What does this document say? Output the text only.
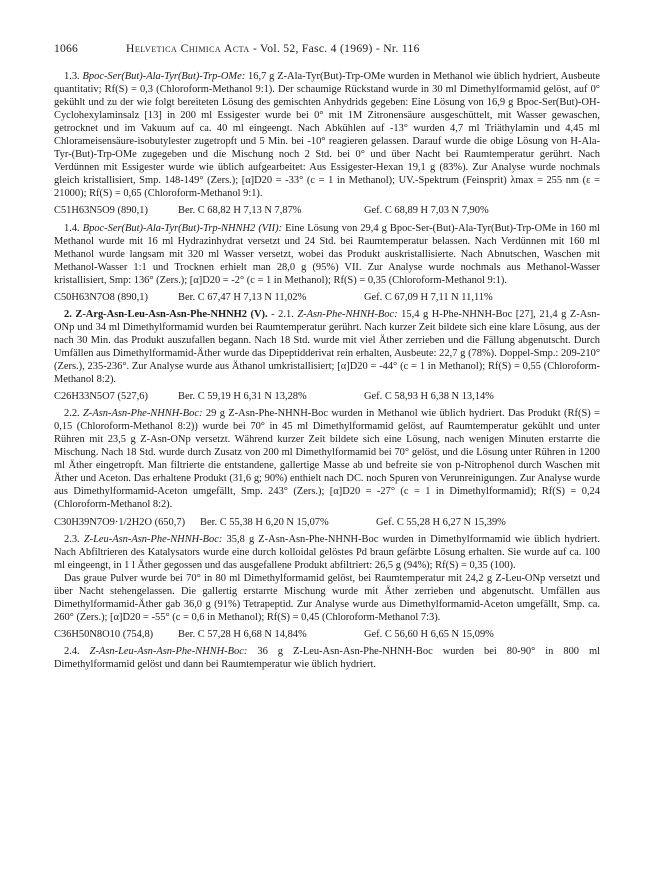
1066	Helvetica Chimica Acta - Vol. 52, Fasc. 4 (1969) - Nr. 116

1.3. Bpoc-Ser(But)-Ala-Tyr(But)-Trp-OMe: 16,7 g Z-Ala-Tyr(But)-Trp-OMe wurden in Methanol wie üblich hydriert, Ausbeute quantitativ; Rf(S) = 0,3 (Chloroform-Methanol 9:1). Der schaumige Rückstand wurde in 30 ml Dimethylformamid gelöst, auf 0° gekühlt und zu der wie folgt bereiteten Lösung des gemischten Anhydrids gegeben: Eine Lösung von 16,9 g Bpoc-Ser(But)-OH-Cyclohexylaminsalz [13] in 200 ml Essigester wurde bei 0° mit 1M Zitronensäure ausgeschüttelt, mit Wasser gewaschen, getrocknet und im Vakuum auf ca. 40 ml eingeengt. Nach Abkühlen auf -13° wurden 4,7 ml Triäthylamin und 4,45 ml Chlorameisensäure-isobutylester zugetropft und 5 Min. bei -10° reagieren gelassen. Darauf wurde die obige Lösung von H-Ala-Tyr-(But)-Trp-OMe zugegeben und die Mischung noch 2 Std. bei 0° und über Nacht bei Raumtemperatur gerührt. Nach Verdünnen mit Essigester wurde wie üblich aufgearbeitet: Aus Essigester-Hexan 19,1 g (83%). Zur Analyse wurde nochmals gleich kristallisiert, Smp. 148-149° (Zers.); [α]D20 = -33° (c = 1 in Methanol); UV.-Spektrum (Feinsprit) λmax = 255 nm (ε = 21000); Rf(S) = 0,65 (Chloroform-Methanol 9:1).

C51H63N5O9 (890,1)	Ber. C 68,82 H 7,13 N 7,87%	Gef. C 68,89 H 7,03 N 7,90%

1.4. Bpoc-Ser(But)-Ala-Tyr(But)-Trp-NHNH2 (VII): Eine Lösung von 29,4 g Bpoc-Ser-(But)-Ala-Tyr(But)-Trp-OMe in 160 ml Methanol wurde mit 16 ml Hydrazinhydrat versetzt und 24 Std. bei Raumtemperatur belassen. Nach Verdünnen mit 160 ml Methanol wurde langsam mit 320 ml Wasser versetzt, wobei das Produkt auskristallisierte. Nach Abnutschen, Waschen mit Methanol-Wasser 1:1 und Trocknen erhielt man 28,0 g (95%) VII. Zur Analyse wurde nochmals aus Methanol-Wasser kristallisiert, Smp: 136° (Zers.); [α]D20 = -2° (c = 1 in Methanol); Rf(S) = 0,35 (Chloroform-Methanol 9:1).

C50H63N7O8 (890,1)	Ber. C 67,47 H 7,13 N 11,02%	Gef. C 67,09 H 7,11 N 11,11%

2. Z-Arg-Asn-Leu-Asn-Asn-Phe-NHNH2 (V). - 2.1. Z-Asn-Phe-NHNH-Boc: 15,4 g H-Phe-NHNH-Boc [27], 21,4 g Z-Asn-ONp und 34 ml Dimethylformamid wurden bei Raumtemperatur gerührt. Nach kurzer Zeit bildete sich eine klare Lösung, aus der nach 30 Min. das Produkt auszufallen begann. Nach 18 Std. wurde mit viel Äther zerrieben und die Fällung abgenutscht. Durch Umfällen aus Dimethylformamid-Äther wurde das Dipeptidderivat rein erhalten, Ausbeute: 22,7 g (78%). Doppel-Smp.: 209-210° (Zers.), 235-236°. Zur Analyse wurde aus Äthanol umkristallisiert; [α]D20 = -44° (c = 1 in Methanol); Rf(S) = 0,55 (Chloroform-Methanol 8:2).

C26H33N5O7 (527,6)	Ber. C 59,19 H 6,31 N 13,28%	Gef. C 58,93 H 6,38 N 13,14%

2.2. Z-Asn-Asn-Phe-NHNH-Boc: 29 g Z-Asn-Phe-NHNH-Boc wurden in Methanol wie üblich hydriert. Das Produkt (Rf(S) = 0,15 (Chloroform-Methanol 8:2)) wurde bei 70° in 45 ml Dimethylformamid gelöst, auf Raumtemperatur gekühlt und unter Rühren mit 23,5 g Z-Asn-ONp versetzt. Während kurzer Zeit bildete sich eine Lösung, nach wenigen Minuten erstarrte die Mischung. Nach 18 Std. wurde durch Zusatz von 200 ml Dimethylformamid bei 70° gelöst, und die Lösung unter Rühren in 1200 ml Äther eingetropft. Man filtrierte die entstandene, gallertige Masse ab und befreite sie von p-Nitrophenol durch Waschen mit Äther und Aceton. Das erhaltene Produkt (31,6 g; 90%) enthielt nach DC. noch Spuren von Verunreinigungen. Zur Analyse wurde aus Dimethylformamid-Aceton umgefällt, Smp. 243° (Zers.); [α]D20 = -27° (c = 1 in Dimethylformamid); Rf(S) = 0,24 (Chloroform-Methanol 8:2).

C30H39N7O9·1/2H2O (650,7)	Ber. C 55,38 H 6,20 N 15,07%	Gef. C 55,28 H 6,27 N 15,39%

2.3. Z-Leu-Asn-Asn-Phe-NHNH-Boc: 35,8 g Z-Asn-Asn-Phe-NHNH-Boc wurden in Dimethylformamid wie üblich hydriert. Nach Abfiltrieren des Katalysators wurde eine durch kolloidal gelöstes Pd braun gefärbte Lösung erhalten. Sie wurde auf ca. 100 ml eingeengt, in 1 l Äther gegossen und das ausgefallene Produkt abfiltriert: 26,5 g (94%); Rf(S) = 0,35 (100).

Das graue Pulver wurde bei 70° in 80 ml Dimethylformamid gelöst, bei Raumtemperatur mit 24,2 g Z-Leu-ONp versetzt und über Nacht stehengelassen. Die gallertig erstarrte Mischung wurde mit Äther zerrieben und abgenutscht. Umfällen aus Dimethylformamid-Äther gab 36,0 g (91%) Tetrapeptid. Zur Analyse wurde aus Dimethylformamid-Aceton umgefällt, Smp. ca. 260° (Zers.); [α]D20 = -55° (c = 0,6 in Methanol); Rf(S) = 0,45 (Chloroform-Methanol 7:3).

C36H50N8O10 (754,8)	Ber. C 57,28 H 6,68 N 14,84%	Gef. C 56,60 H 6,65 N 15,09%

2.4. Z-Asn-Leu-Asn-Asn-Phe-NHNH-Boc: 36 g Z-Leu-Asn-Asn-Phe-NHNH-Boc wurden bei 80-90° in 800 ml Dimethylformamid gelöst und dann bei Raumtemperatur wie üblich hydriert.
